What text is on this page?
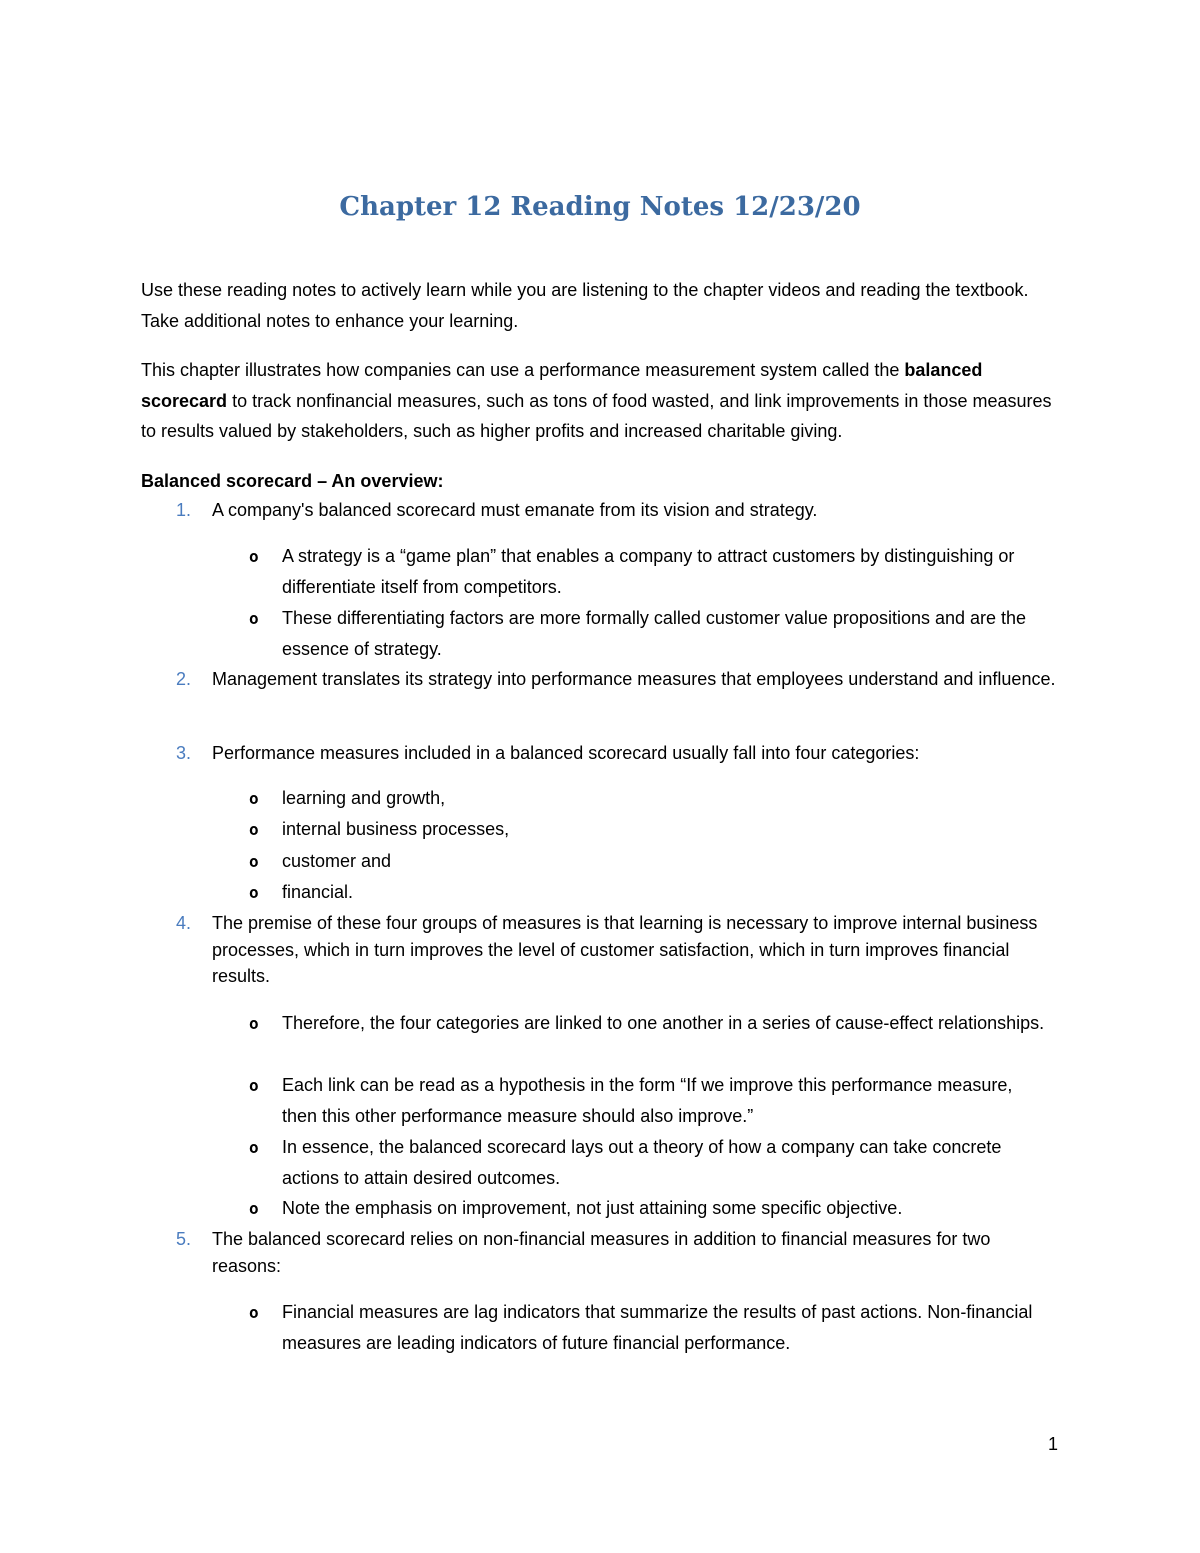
Chapter 12 Reading Notes 12/23/20

Use these reading notes to actively learn while you are listening to the chapter videos and reading the textbook. Take additional notes to enhance your learning.

This chapter illustrates how companies can use a performance measurement system called the balanced scorecard to track nonfinancial measures, such as tons of food wasted, and link improvements in those measures to results valued by stakeholders, such as higher profits and increased charitable giving.

Balanced scorecard – An overview:
1. A company's balanced scorecard must emanate from its vision and strategy.
o A strategy is a “game plan” that enables a company to attract customers by distinguishing or differentiate itself from competitors.
o These differentiating factors are more formally called customer value propositions and are the essence of strategy.
2. Management translates its strategy into performance measures that employees understand and influence.
3. Performance measures included in a balanced scorecard usually fall into four categories:
o learning and growth,
o internal business processes,
o customer and
o financial.
4. The premise of these four groups of measures is that learning is necessary to improve internal business processes, which in turn improves the level of customer satisfaction, which in turn improves financial results.
o Therefore, the four categories are linked to one another in a series of cause-effect relationships.
o Each link can be read as a hypothesis in the form “If we improve this performance measure, then this other performance measure should also improve.”
o In essence, the balanced scorecard lays out a theory of how a company can take concrete actions to attain desired outcomes.
o Note the emphasis on improvement, not just attaining some specific objective.
5. The balanced scorecard relies on non-financial measures in addition to financial measures for two reasons:
o Financial measures are lag indicators that summarize the results of past actions. Non-financial measures are leading indicators of future financial performance.
1
